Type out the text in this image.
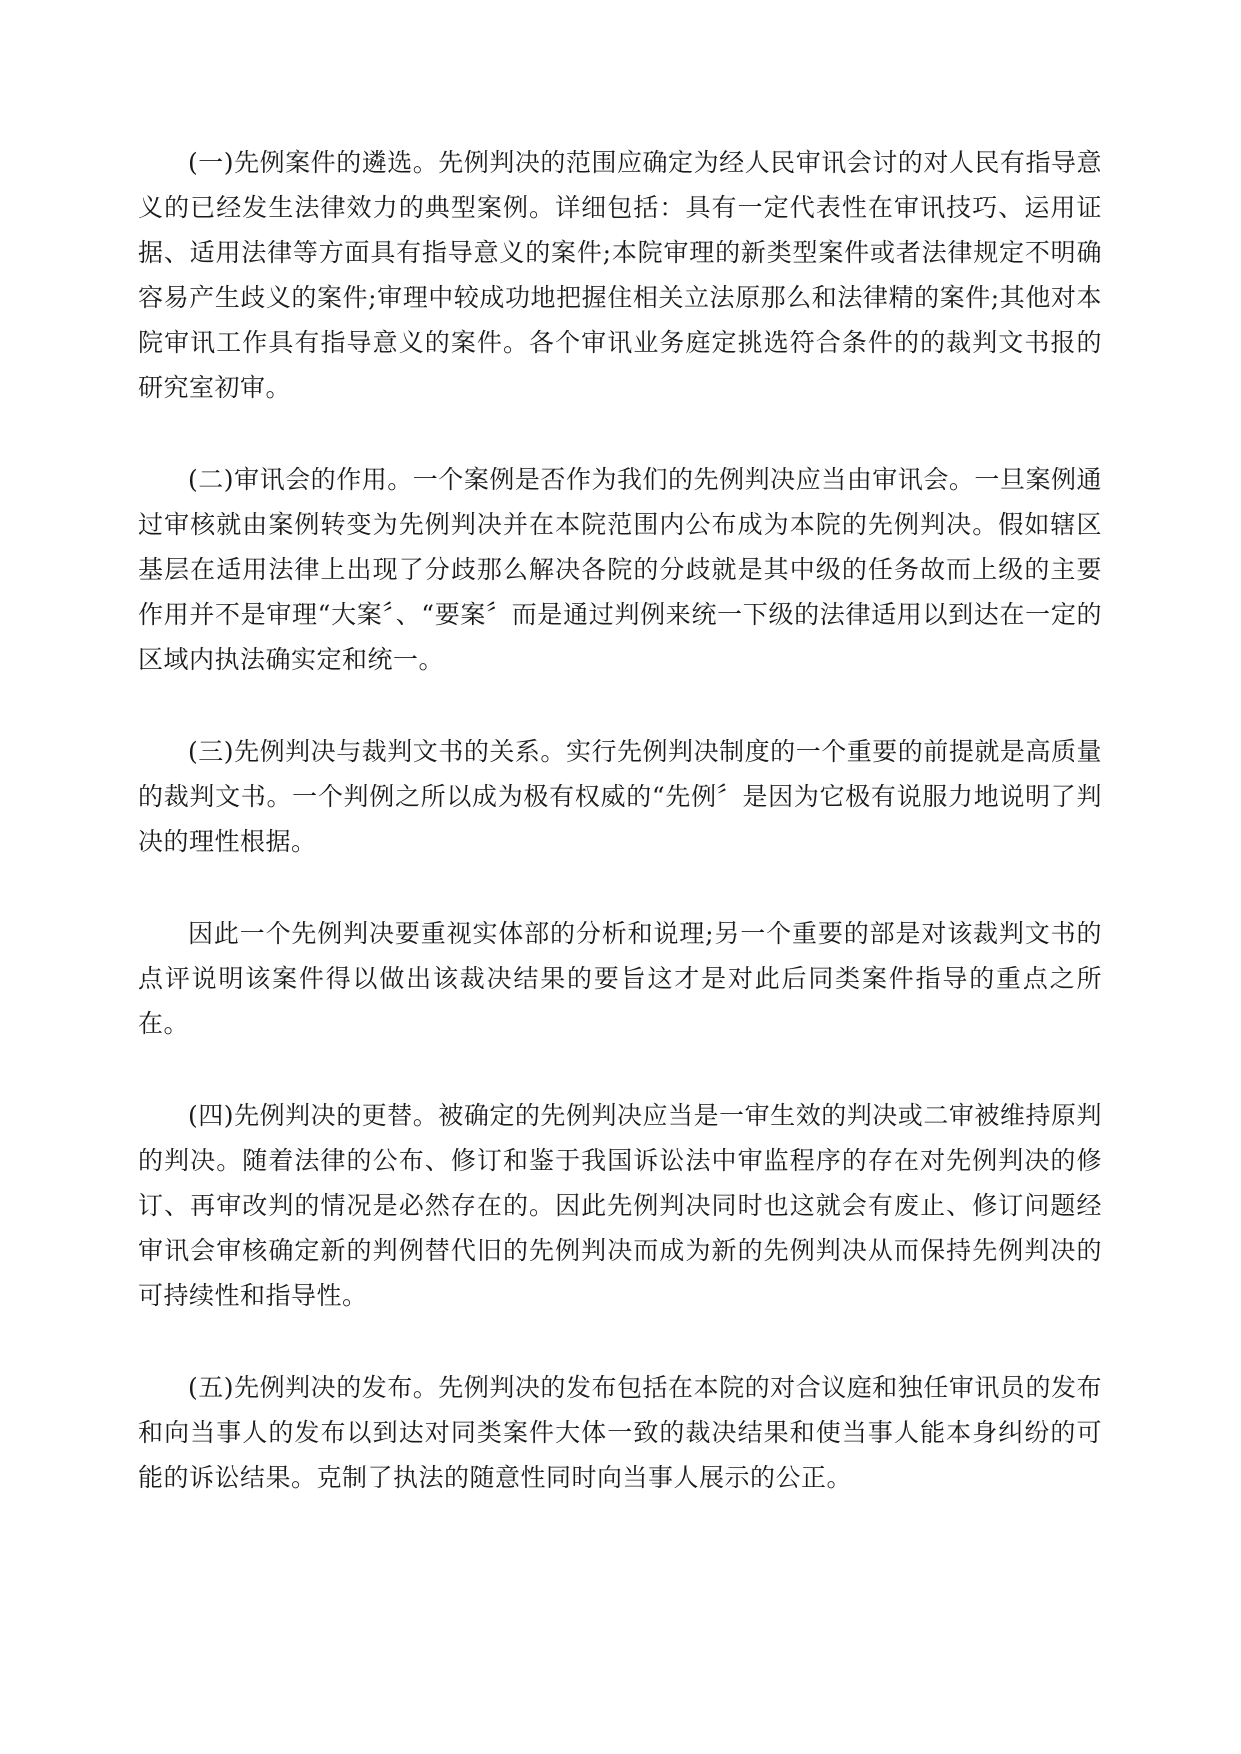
(一)先例案件的遴选。先例判决的范围应确定为经人民审讯会讨的对人民有指导意义的已经发生法律效力的典型案例。详细包括：具有一定代表性在审讯技巧、运用证据、适用法律等方面具有指导意义的案件;本院审理的新类型案件或者法律规定不明确容易产生歧义的案件;审理中较成功地把握住相关立法原那么和法律精的案件;其他对本院审讯工作具有指导意义的案件。各个审讯业务庭定挑选符合条件的的裁判文书报的研究室初审。

(二)审讯会的作用。一个案例是否作为我们的先例判决应当由审讯会。一旦案例通过审核就由案例转变为先例判决并在本院范围内公布成为本院的先例判决。假如辖区基层在适用法律上出现了分歧那么解决各院的分歧就是其中级的任务故而上级的主要作用并不是审理“大案〞、“要案〞而是通过判例来统一下级的法律适用以到达在一定的区域内执法确实定和统一。

(三)先例判决与裁判文书的关系。实行先例判决制度的一个重要的前提就是高质量的裁判文书。一个判例之所以成为极有权威的“先例〞是因为它极有说服力地说明了判决的理性根据。

因此一个先例判决要重视实体部的分析和说理;另一个重要的部是对该裁判文书的点评说明该案件得以做出该裁决结果的要旨这才是对此后同类案件指导的重点之所在。

(四)先例判决的更替。被确定的先例判决应当是一审生效的判决或二审被维持原判的判决。随着法律的公布、修订和鉴于我国诉讼法中审监程序的存在对先例判决的修订、再审改判的情况是必然存在的。因此先例判决同时也这就会有废止、修订问题经审讯会审核确定新的判例替代旧的先例判决而成为新的先例判决从而保持先例判决的可持续性和指导性。

(五)先例判决的发布。先例判决的发布包括在本院的对合议庭和独任审讯员的发布和向当事人的发布以到达对同类案件大体一致的裁决结果和使当事人能本身纠纷的可能的诉讼结果。克制了执法的随意性同时向当事人展示的公正。
